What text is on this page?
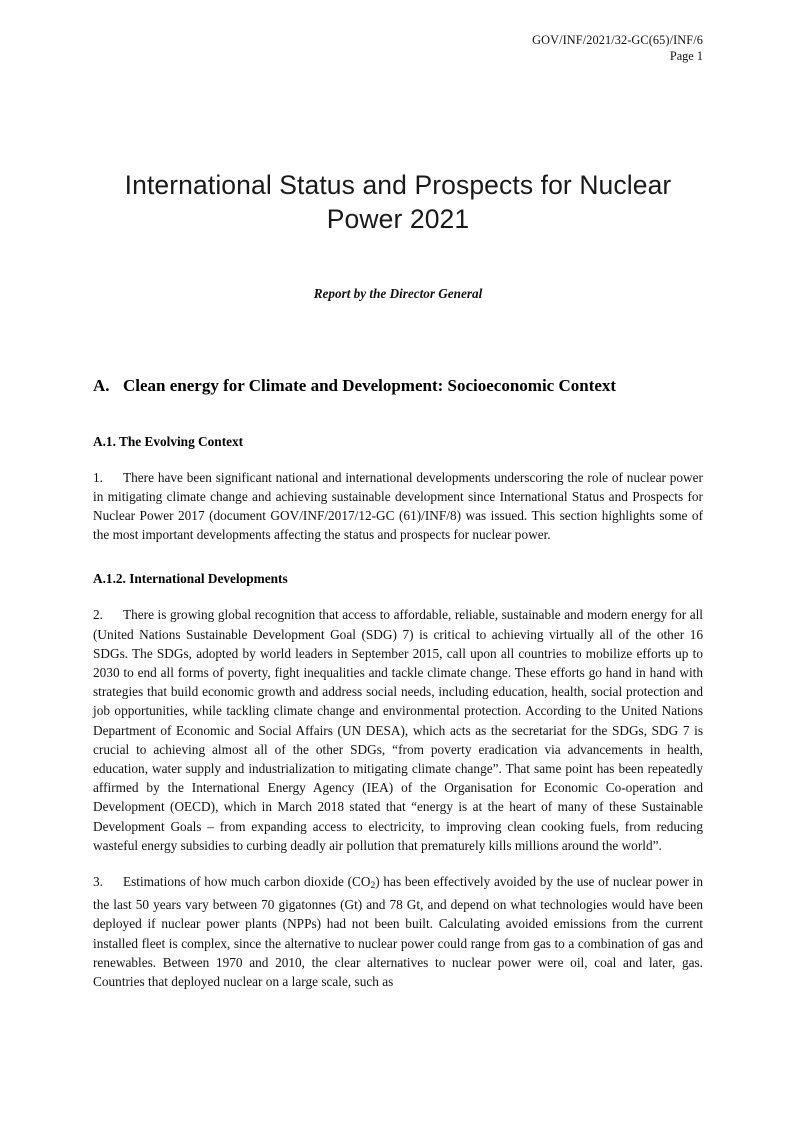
GOV/INF/2021/32-GC(65)/INF/6
Page 1
International Status and Prospects for Nuclear Power 2021

Report by the Director General

A. Clean energy for Climate and Development: Socioeconomic Context
A.1. The Evolving Context

1. There have been significant national and international developments underscoring the role of nuclear power in mitigating climate change and achieving sustainable development since International Status and Prospects for Nuclear Power 2017 (document GOV/INF/2017/12-GC (61)/INF/8) was issued. This section highlights some of the most important developments affecting the status and prospects for nuclear power.

A.1.2. International Developments

2. There is growing global recognition that access to affordable, reliable, sustainable and modern energy for all (United Nations Sustainable Development Goal (SDG) 7) is critical to achieving virtually all of the other 16 SDGs. The SDGs, adopted by world leaders in September 2015, call upon all countries to mobilize efforts up to 2030 to end all forms of poverty, fight inequalities and tackle climate change. These efforts go hand in hand with strategies that build economic growth and address social needs, including education, health, social protection and job opportunities, while tackling climate change and environmental protection. According to the United Nations Department of Economic and Social Affairs (UN DESA), which acts as the secretariat for the SDGs, SDG 7 is crucial to achieving almost all of the other SDGs, “from poverty eradication via advancements in health, education, water supply and industrialization to mitigating climate change”. That same point has been repeatedly affirmed by the International Energy Agency (IEA) of the Organisation for Economic Co-operation and Development (OECD), which in March 2018 stated that “energy is at the heart of many of these Sustainable Development Goals – from expanding access to electricity, to improving clean cooking fuels, from reducing wasteful energy subsidies to curbing deadly air pollution that prematurely kills millions around the world”.

3. Estimations of how much carbon dioxide $(CO_2)$ has been effectively avoided by the use of nuclear power in the last 50 years vary between 70 gigatonnes (Gt) and 78 Gt, and depend on what technologies would have been deployed if nuclear power plants (NPPs) had not been built. Calculating avoided emissions from the current installed fleet is complex, since the alternative to nuclear power could range from gas to a combination of gas and renewables. Between 1970 and 2010, the clear alternatives to nuclear power were oil, coal and later, gas. Countries that deployed nuclear on a large scale, such as
